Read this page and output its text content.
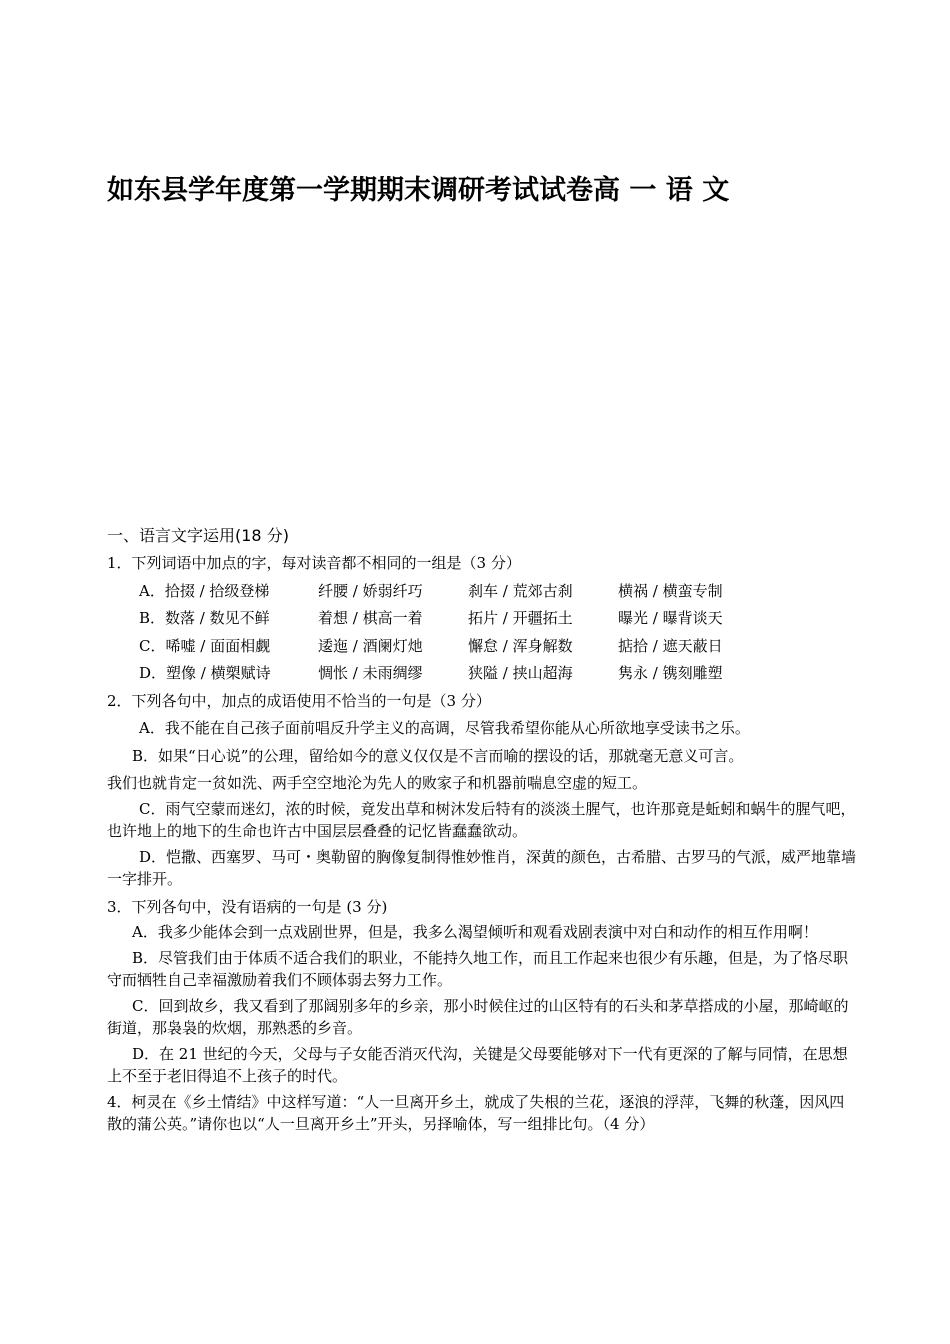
如东县学年度第一学期期末调研考试试卷高 一 语 文
一、语言文字运用(18 分)
1．下列词语中加点的字，每对读音都不相同的一组是（3 分）
A．拾掇 / 拾级登梯	纤腰 / 娇弱纤巧	刹车 / 荒郊古刹	横祸 / 横蛮专制
B．数落 / 数见不鲜	着想 / 棋高一着	拓片 / 开疆拓土	曝光 / 曝背谈天
C．唏嘘 / 面面相觑	逶迤 / 酒阑灯灺	懈怠 / 浑身解数	掂拾 / 遮天蔽日
D．塑像 / 横槊赋诗	惆怅 / 未雨绸缪	狭隘 / 挟山超海	隽永 / 镌刻雕塑
2．下列各句中，加点的成语使用不恰当的一句是（3 分）
A．我不能在自己孩子面前唱反升学主义的高调，尽管我希望你能从心所欲地享受读书之乐。
B．如果“日心说”的公理，留给如今的意义仅仅是不言而喻的摆设的话，那就毫无意义可言。
我们也就肯定一贫如洗、两手空空地沦为先人的败家子和机器前喘息空虚的短工。
C．雨气空蒙而迷幻，浓的时候，竟发出草和树沐发后特有的淡淡土腥气，也许那竟是蚯蚓和蜗牛的腥气吧，也许地上的地下的生命也许古中国层层叠叠的记忆皆蠢蠢欲动。
D．恺撒、西塞罗、马可・奥勒留的胸像复制得惟妙惟肖，深黄的颜色，古希腊、古罗马的气派，威严地靠墙一字排开。
3．下列各句中，没有语病的一句是 (3 分)
A．我多少能体会到一点戏剧世界，但是，我多么渴望倾听和观看戏剧表演中对白和动作的相互作用啊！
B．尽管我们由于体质不适合我们的职业，不能持久地工作，而且工作起来也很少有乐趣，但是，为了恪尽职守而牺牲自己幸福激励着我们不顾体弱去努力工作。
C．回到故乡，我又看到了那阔别多年的乡亲，那小时候住过的山区特有的石头和茅草搭成的小屋，那崎岖的街道，那袅袅的炊烟，那熟悉的乡音。
D．在 21 世纪的今天，父母与子女能否消灭代沟，关键是父母要能够对下一代有更深的了解与同情，在思想上不至于老旧得追不上孩子的时代。
4．柯灵在《乡土情结》中这样写道：“人一旦离开乡土，就成了失根的兰花，逐浪的浮萍，飞舞的秋蓬，因风四散的蒲公英。”请你也以“人一旦离开乡土”开头，另择喻体，写一组排比句。（4 分）
